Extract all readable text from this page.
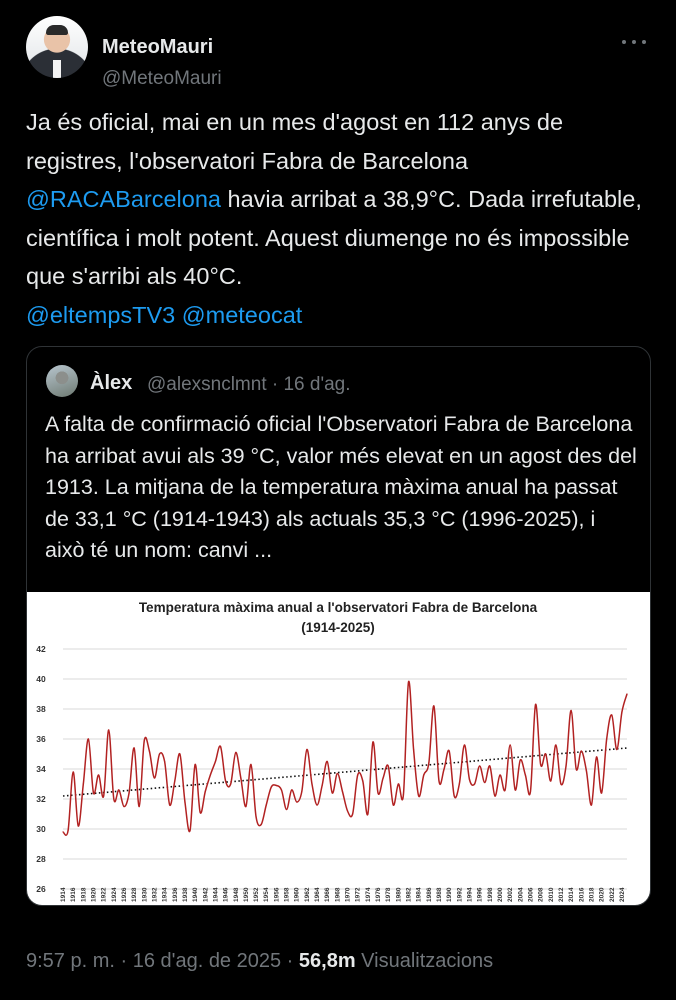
MeteoMauri
@MeteoMauri
Ja és oficial, mai en un mes d'agost en 112 anys de registres, l'observatori Fabra de Barcelona @RACABarcelona havia arribat a 38,9°C. Dada irrefutable, científica i molt potent. Aquest diumenge no és impossible que s'arribi als 40°C.
@eltempsTV3 @meteocat
Àlex @alexsnclmnt · 16 d'ag.
A falta de confirmació oficial l'Observatori Fabra de Barcelona ha arribat avui als 39 °C, valor més elevat en un agost des del 1913. La mitjana de la temperatura màxima anual ha passat de 33,1 °C (1914-1943) als actuals 35,3 °C (1996-2025), i això té un nom: canvi ...
Temperatura màxima anual a l'observatori Fabra de Barcelona
(1914-2025)
26
28
30
32
34
36
38
40
42
1914 1916 1918 1920 1922 1924 1926 1928 1930 1932 1934 1936 1938 1940 1942 1944 1946 1948 1950 1952 1954 1956 1958 1960 1962 1964 1966 1968 1970 1972 1974 1976 1978 1980 1982 1984 1986 1988 1990 1992 1994 1996 1998 2000 2002 2004 2006 2008 2010 2012 2014 2016 2018 2020 2022 2024
9:57 p. m. · 16 d'ag. de 2025 · 56,8m Visualitzacions
